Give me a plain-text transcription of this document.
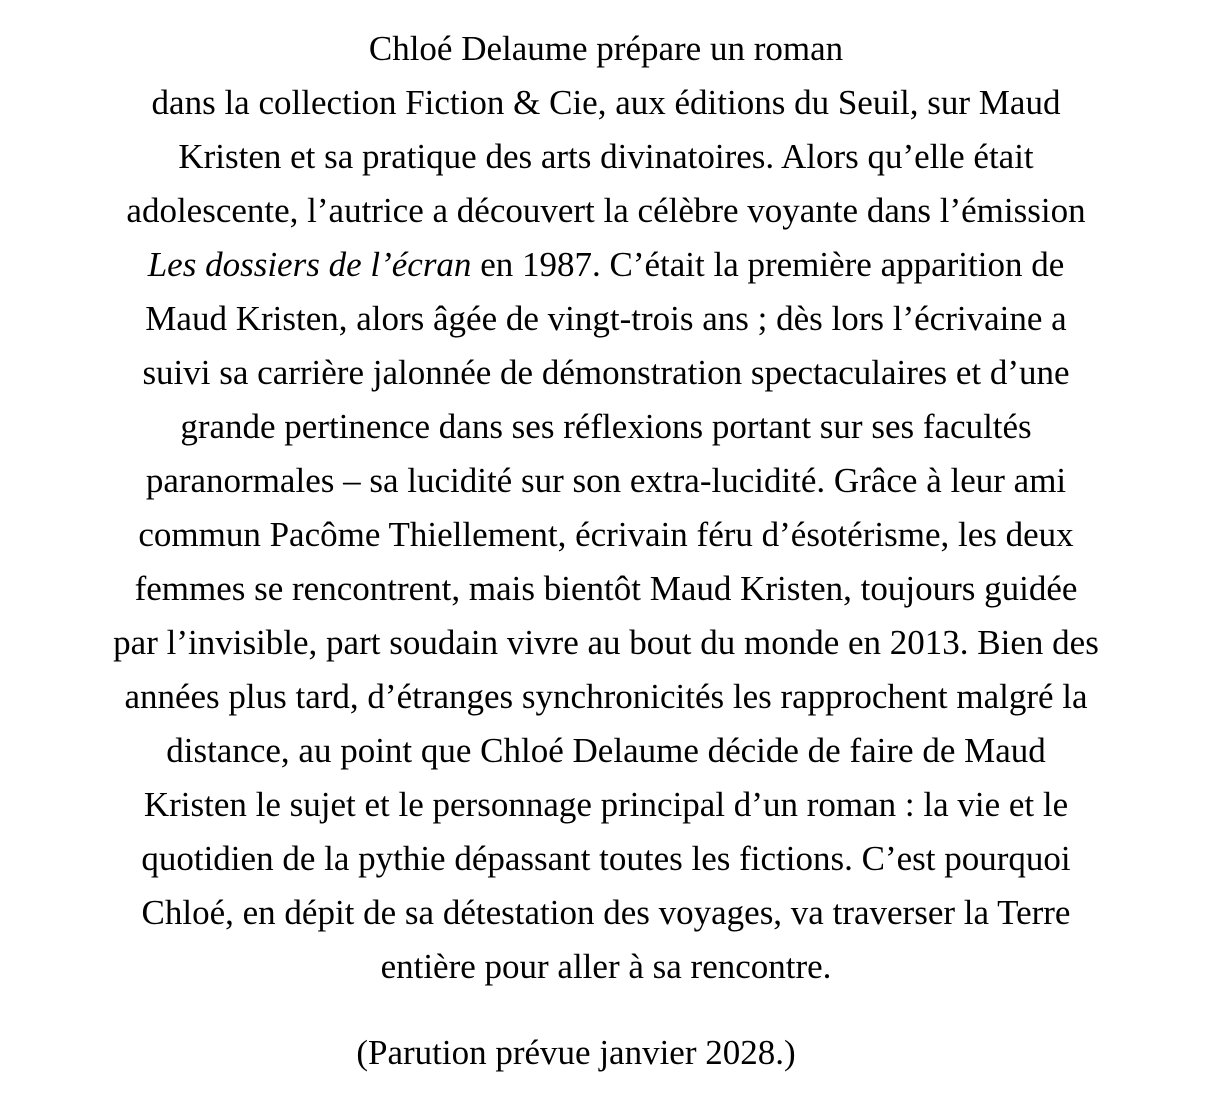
Chloé Delaume prépare un roman
dans la collection Fiction & Cie, aux éditions du Seuil, sur Maud
Kristen et sa pratique des arts divinatoires. Alors qu’elle était
adolescente, l’autrice a découvert la célèbre voyante dans l’émission
Les dossiers de l’écran en 1987. C’était la première apparition de
Maud Kristen, alors âgée de vingt-trois ans ; dès lors l’écrivaine a
suivi sa carrière jalonnée de démonstration spectaculaires et d’une
grande pertinence dans ses réflexions portant sur ses facultés
paranormales – sa lucidité sur son extra-lucidité. Grâce à leur ami
commun Pacôme Thiellement, écrivain féru d’ésotérisme, les deux
femmes se rencontrent, mais bientôt Maud Kristen, toujours guidée
par l’invisible, part soudain vivre au bout du monde en 2013. Bien des
années plus tard, d’étranges synchronicités les rapprochent malgré la
distance, au point que Chloé Delaume décide de faire de Maud
Kristen le sujet et le personnage principal d’un roman : la vie et le
quotidien de la pythie dépassant toutes les fictions. C’est pourquoi
Chloé, en dépit de sa détestation des voyages, va traverser la Terre
entière pour aller à sa rencontre.

(Parution prévue janvier 2028.)
